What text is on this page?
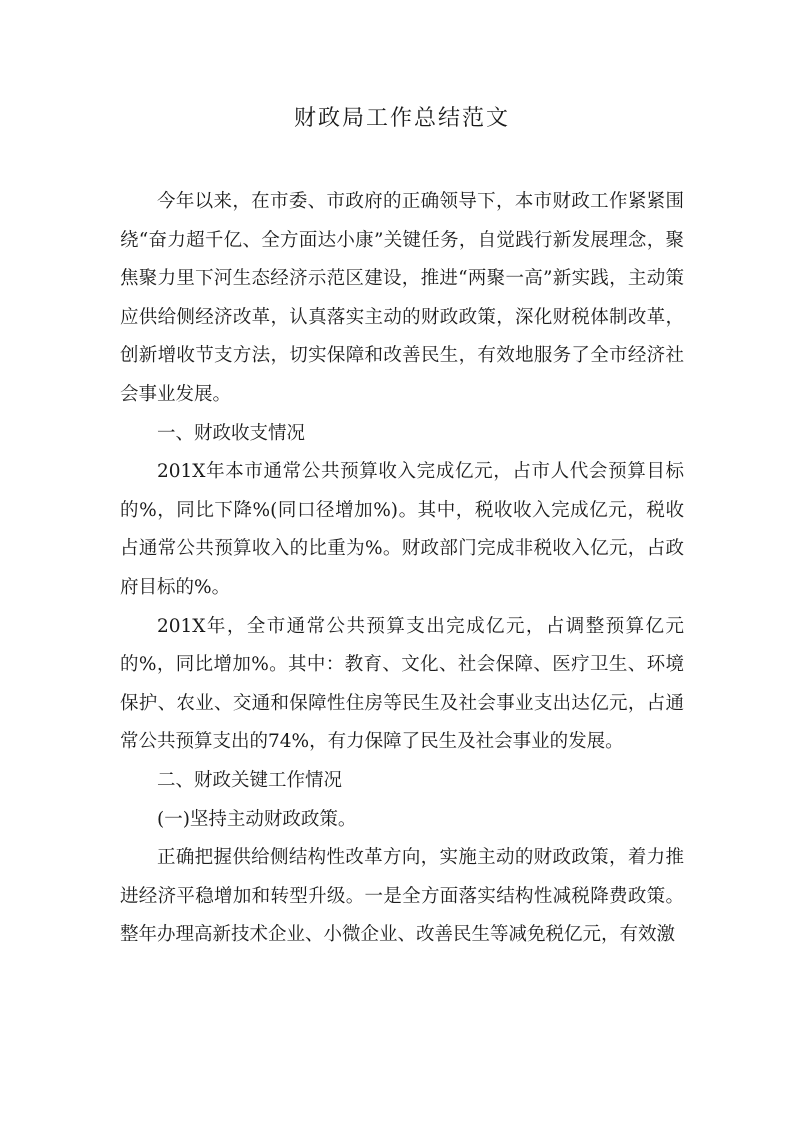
财政局工作总结范文

今年以来，在市委、市政府的正确领导下，本市财政工作紧紧围绕“奋力超千亿、全方面达小康”关键任务，自觉践行新发展理念，聚焦聚力里下河生态经济示范区建设，推进“两聚一高”新实践，主动策应供给侧经济改革，认真落实主动的财政政策，深化财税体制改革，创新增收节支方法，切实保障和改善民生，有效地服务了全市经济社会事业发展。

一、财政收支情况

201X年本市通常公共预算收入完成亿元，占市人代会预算目标的%，同比下降%(同口径增加%)。其中，税收收入完成亿元，税收占通常公共预算收入的比重为%。财政部门完成非税收入亿元，占政府目标的%。

201X年，全市通常公共预算支出完成亿元，占调整预算亿元的%，同比增加%。其中：教育、文化、社会保障、医疗卫生、环境保护、农业、交通和保障性住房等民生及社会事业支出达亿元，占通常公共预算支出的74%，有力保障了民生及社会事业的发展。

二、财政关键工作情况

(一)坚持主动财政政策。

正确把握供给侧结构性改革方向，实施主动的财政政策，着力推进经济平稳增加和转型升级。一是全方面落实结构性减税降费政策。整年办理高新技术企业、小微企业、改善民生等减免税亿元，有效激
